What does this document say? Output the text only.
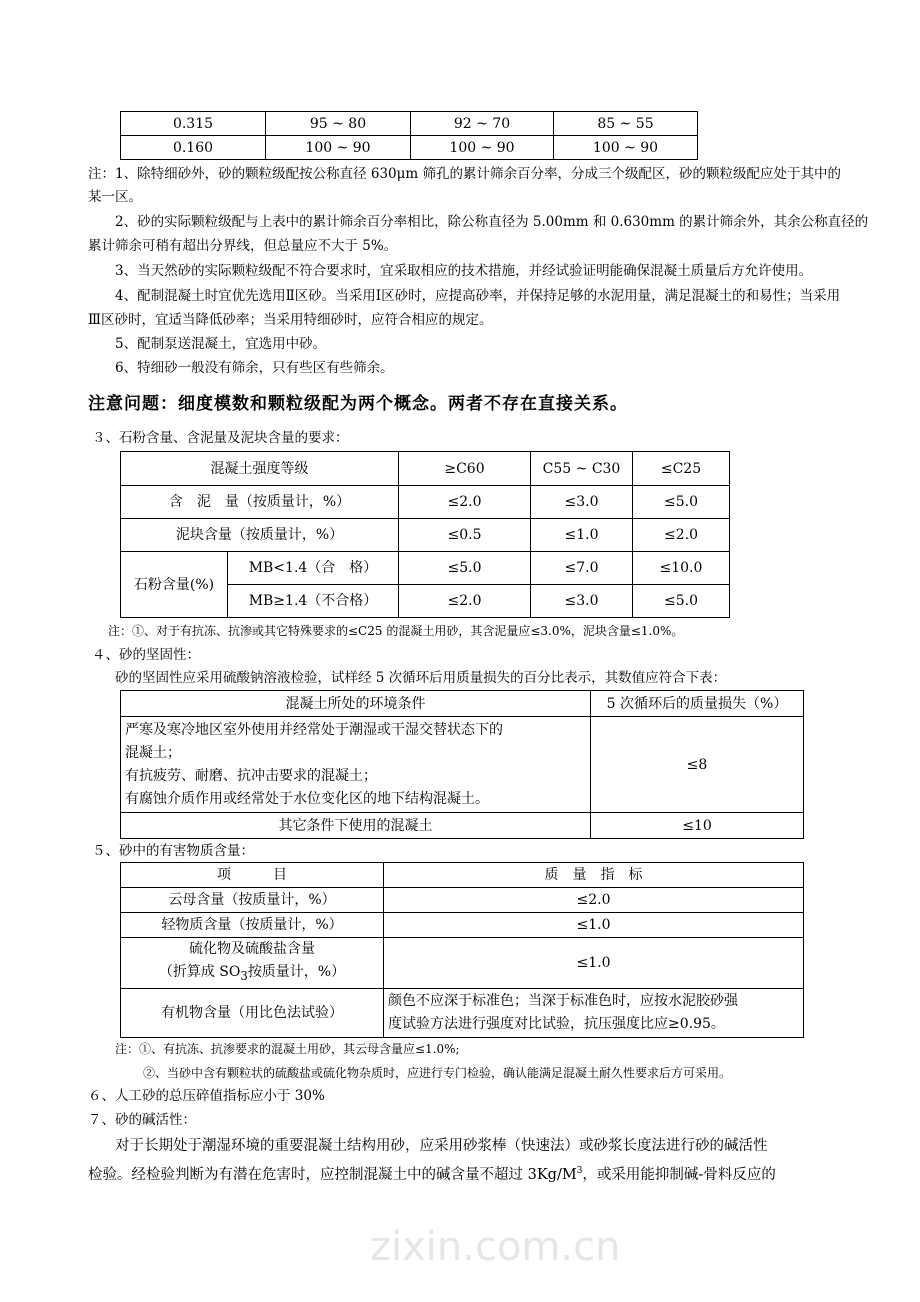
0.315	95 ~ 80	92 ~ 70	85 ~ 55
0.160	100 ~ 90	100 ~ 90	100 ~ 90
注：1、除特细砂外，砂的颗粒级配按公称直径 630μm 筛孔的累计筛余百分率，分成三个级配区，砂的颗粒级配应处于其中的
某一区。
2、砂的实际颗粒级配与上表中的累计筛余百分率相比，除公称直径为 5.00mm 和 0.630mm 的累计筛余外，其余公称直径的
累计筛余可稍有超出分界线，但总量应不大于 5%。
3、当天然砂的实际颗粒级配不符合要求时，宜采取相应的技术措施，并经试验证明能确保混凝土质量后方允许使用。
4、配制混凝土时宜优先选用Ⅱ区砂。当采用Ⅰ区砂时，应提高砂率，并保持足够的水泥用量，满足混凝土的和易性；当采用
Ⅲ区砂时，宜适当降低砂率；当采用特细砂时，应符合相应的规定。
5、配制泵送混凝土，宜选用中砂。
6、特细砂一般没有筛余，只有些区有些筛余。
注意问题：细度模数和颗粒级配为两个概念。两者不存在直接关系。
３、石粉含量、含泥量及泥块含量的要求：
混凝土强度等级		≥C60	C55 ~ C30	≤C25
含　泥　量（按质量计，%）		≤2.0	≤3.0	≤5.0
泥块含量（按质量计，%）		≤0.5	≤1.0	≤2.0
石粉含量(%)	MB<1.4（合　格）	≤5.0	≤7.0	≤10.0
	MB≥1.4（不合格）	≤2.0	≤3.0	≤5.0
注：①、对于有抗冻、抗渗或其它特殊要求的≤C25 的混凝土用砂，其含泥量应≤3.0%，泥块含量≤1.0%。
４、砂的坚固性：
砂的坚固性应采用硫酸钠溶液检验，试样经 5 次循环后用质量损失的百分比表示，其数值应符合下表：
混凝土所处的环境条件	5 次循环后的质量损失（%）

严寒及寒冷地区室外使用并经常处于潮湿或干湿交替状态下的
混凝土；
有抗疲劳、耐磨、抗冲击要求的混凝土；
有腐蚀介质作用或经常处于水位变化区的地下结构混凝土。	≤8
其它条件下使用的混凝土	≤10
５、砂中的有害物质含量：
项　　　目	质　量　指　标
云母含量（按质量计，%）	≤2.0
轻物质含量（按质量计，%）	≤1.0

硫化物及硫酸盐含量
（折算成 $SO_3$按质量计，%）	≤1.0
有机物含量（用比色法试验）	颜色不应深于标准色；当深于标准色时，应按水泥胶砂强
度试验方法进行强度对比试验，抗压强度比应≥0.95。
注：①、有抗冻、抗渗要求的混凝土用砂，其云母含量应≤1.0%;
②、当砂中含有颗粒状的硫酸盐或硫化物杂质时，应进行专门检验，确认能满足混凝土耐久性要求后方可采用。
６、人工砂的总压碎值指标应小于 30%
７、砂的碱活性：
对于长期处于潮湿环境的重要混凝土结构用砂，应采用砂浆棒（快速法）或砂浆长度法进行砂的碱活性
检验。经检验判断为有潜在危害时，应控制混凝土中的碱含量不超过 $3Kg/M^3$，或采用能抑制碱-骨料反应的
zixin.com.cn
